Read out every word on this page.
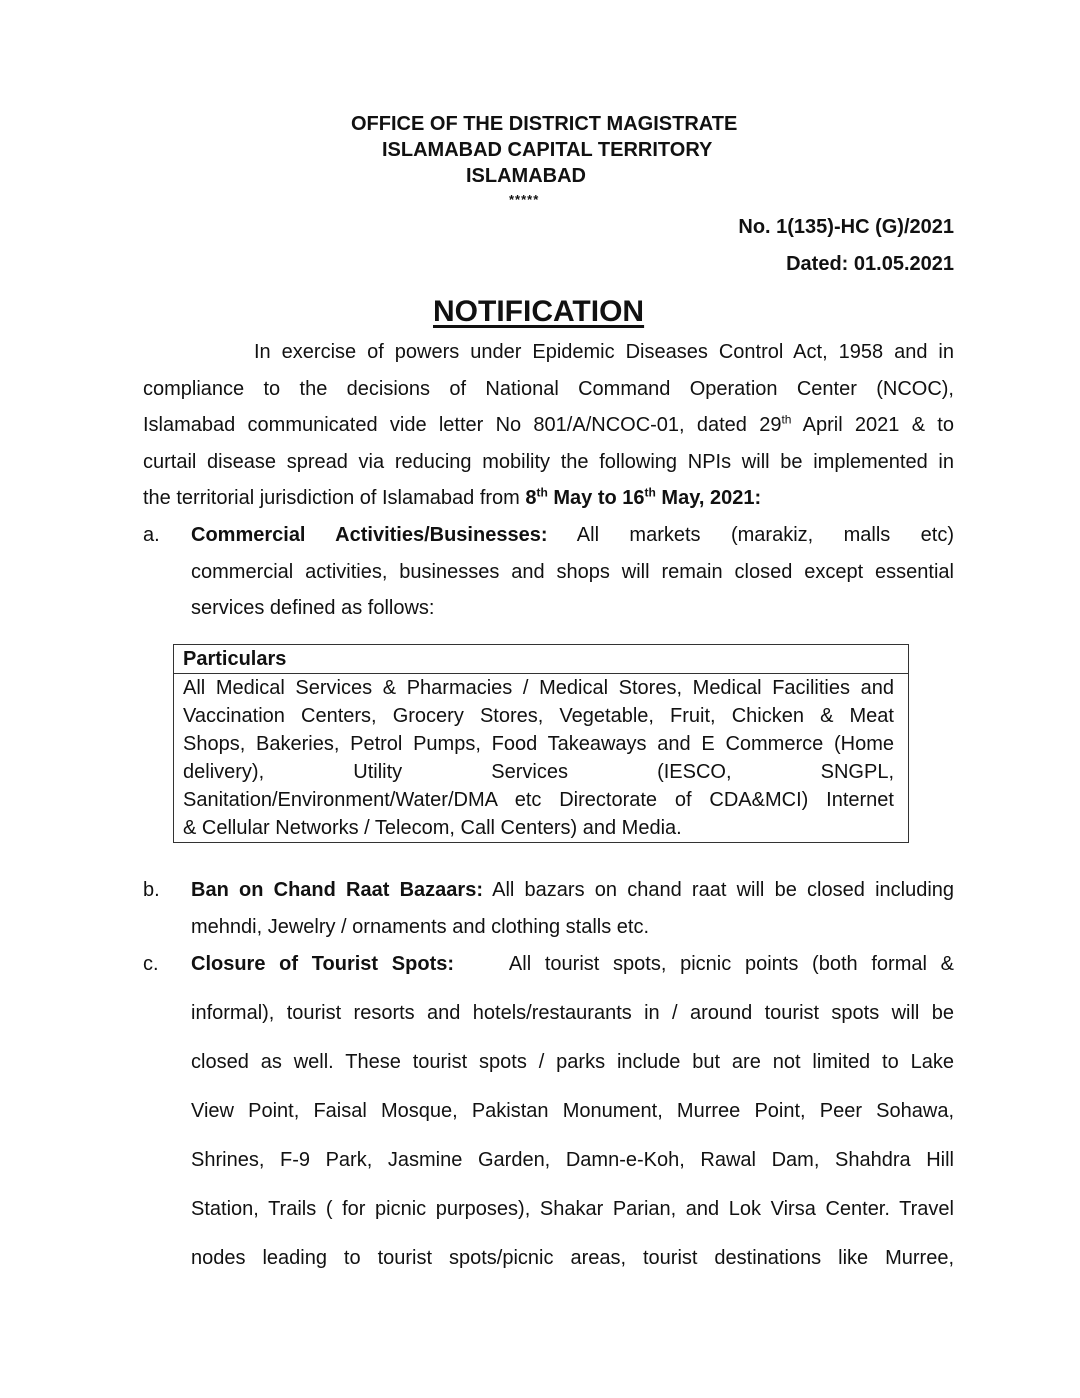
OFFICE OF THE DISTRICT MAGISTRATE
ISLAMABAD CAPITAL TERRITORY
ISLAMABAD
*****
No. 1(135)-HC (G)/2021
Dated: 01.05.2021
NOTIFICATION
In exercise of powers under Epidemic Diseases Control Act, 1958 and in
compliance to the decisions of National Command Operation Center (NCOC),
Islamabad communicated vide letter No 801/A/NCOC-01, dated 29th April 2021 & to
curtail disease spread via reducing mobility the following NPIs will be implemented in
the territorial jurisdiction of Islamabad from 8th May to 16th May, 2021:
a.	Commercial Activities/Businesses: All markets (marakiz, malls etc)
commercial activities, businesses and shops will remain closed except essential
services defined as follows:
Particulars

All Medical Services & Pharmacies / Medical Stores, Medical Facilities and
Vaccination Centers, Grocery Stores, Vegetable, Fruit, Chicken & Meat
Shops, Bakeries, Petrol Pumps, Food Takeaways and E Commerce (Home
delivery), Utility Services (IESCO, SNGPL,
Sanitation/Environment/Water/DMA etc Directorate of CDA&MCI) Internet
& Cellular Networks / Telecom, Call Centers) and Media.
b.	Ban on Chand Raat Bazaars: All bazars on chand raat will be closed including
mehndi, Jewelry / ornaments and clothing stalls etc.
c.	Closure of Tourist Spots:	All tourist spots, picnic points (both formal &
informal), tourist resorts and hotels/restaurants in / around tourist spots will be
closed as well. These tourist spots / parks include but are not limited to Lake
View Point, Faisal Mosque, Pakistan Monument, Murree Point, Peer Sohawa,
Shrines, F-9 Park, Jasmine Garden, Damn-e-Koh, Rawal Dam, Shahdra Hill
Station, Trails ( for picnic purposes), Shakar Parian, and Lok Virsa Center. Travel
nodes leading to tourist spots/picnic areas, tourist destinations like Murree,
